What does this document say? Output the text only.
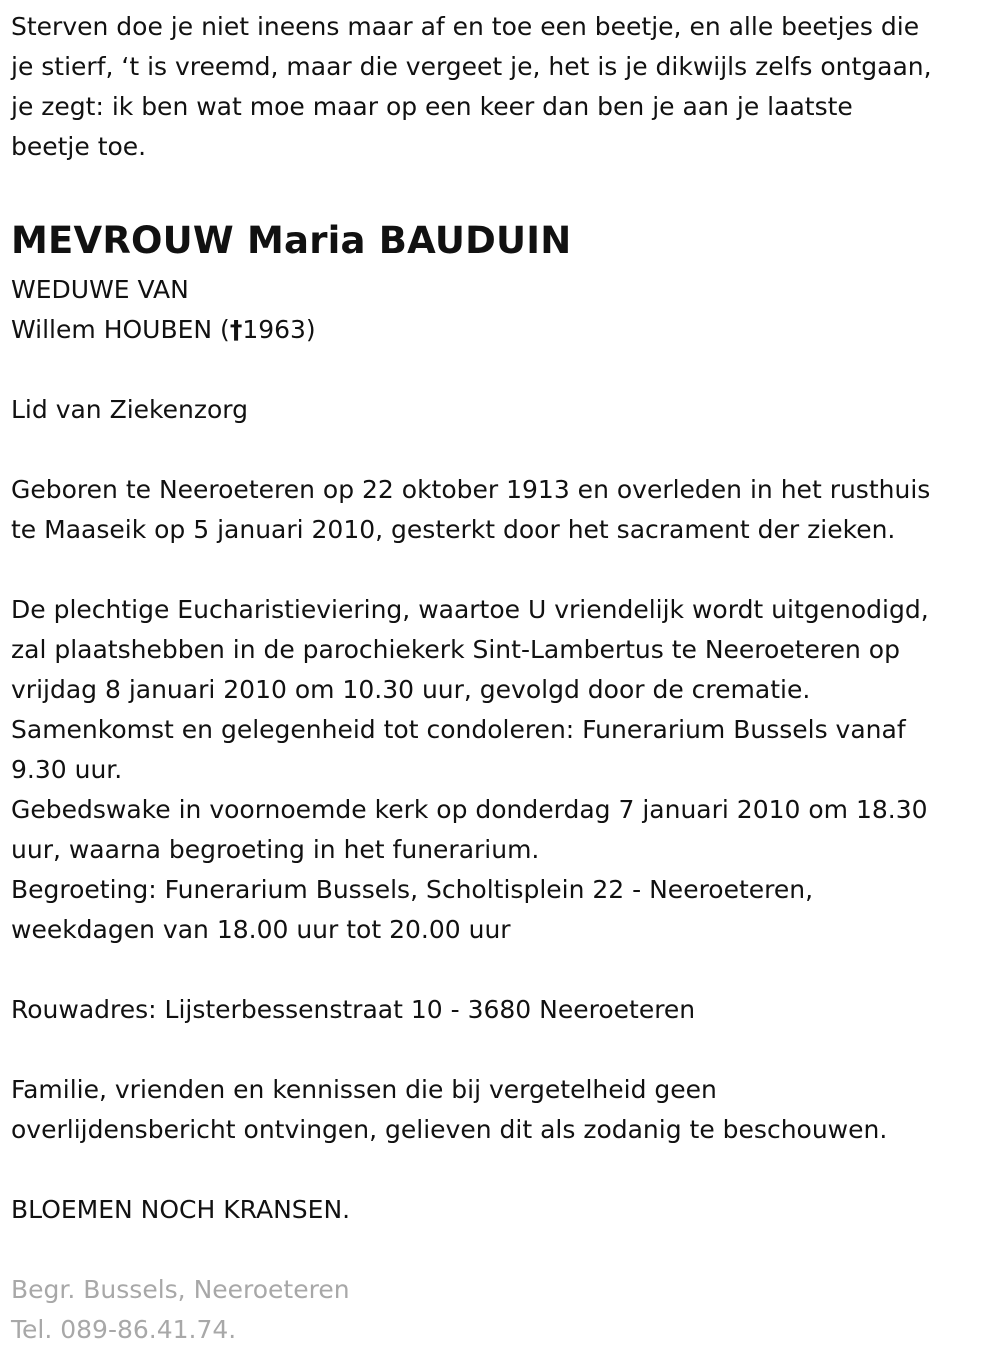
Sterven doe je niet ineens maar af en toe een beetje, en alle beetjes die
je stierf, ‘t is vreemd, maar die vergeet je, het is je dikwijls zelfs ontgaan,
je zegt: ik ben wat moe maar op een keer dan ben je aan je laatste
beetje toe.
MEVROUW Maria BAUDUIN
WEDUWE VAN
Willem HOUBEN (†1963)
Lid van Ziekenzorg
Geboren te Neeroeteren op 22 oktober 1913 en overleden in het rusthuis
te Maaseik op 5 januari 2010, gesterkt door het sacrament der zieken.
De plechtige Eucharistieviering, waartoe U vriendelijk wordt uitgenodigd,
zal plaatshebben in de parochiekerk Sint-Lambertus te Neeroeteren op
vrijdag 8 januari 2010 om 10.30 uur, gevolgd door de crematie.
Samenkomst en gelegenheid tot condoleren: Funerarium Bussels vanaf
9.30 uur.
Gebedswake in voornoemde kerk op donderdag 7 januari 2010 om 18.30
uur, waarna begroeting in het funerarium.
Begroeting: Funerarium Bussels, Scholtisplein 22 - Neeroeteren,
weekdagen van 18.00 uur tot 20.00 uur
Rouwadres: Lijsterbessenstraat 10 - 3680 Neeroeteren
Familie, vrienden en kennissen die bij vergetelheid geen
overlijdensbericht ontvingen, gelieven dit als zodanig te beschouwen.
BLOEMEN NOCH KRANSEN.
Begr. Bussels, Neeroeteren
Tel. 089-86.41.74.
